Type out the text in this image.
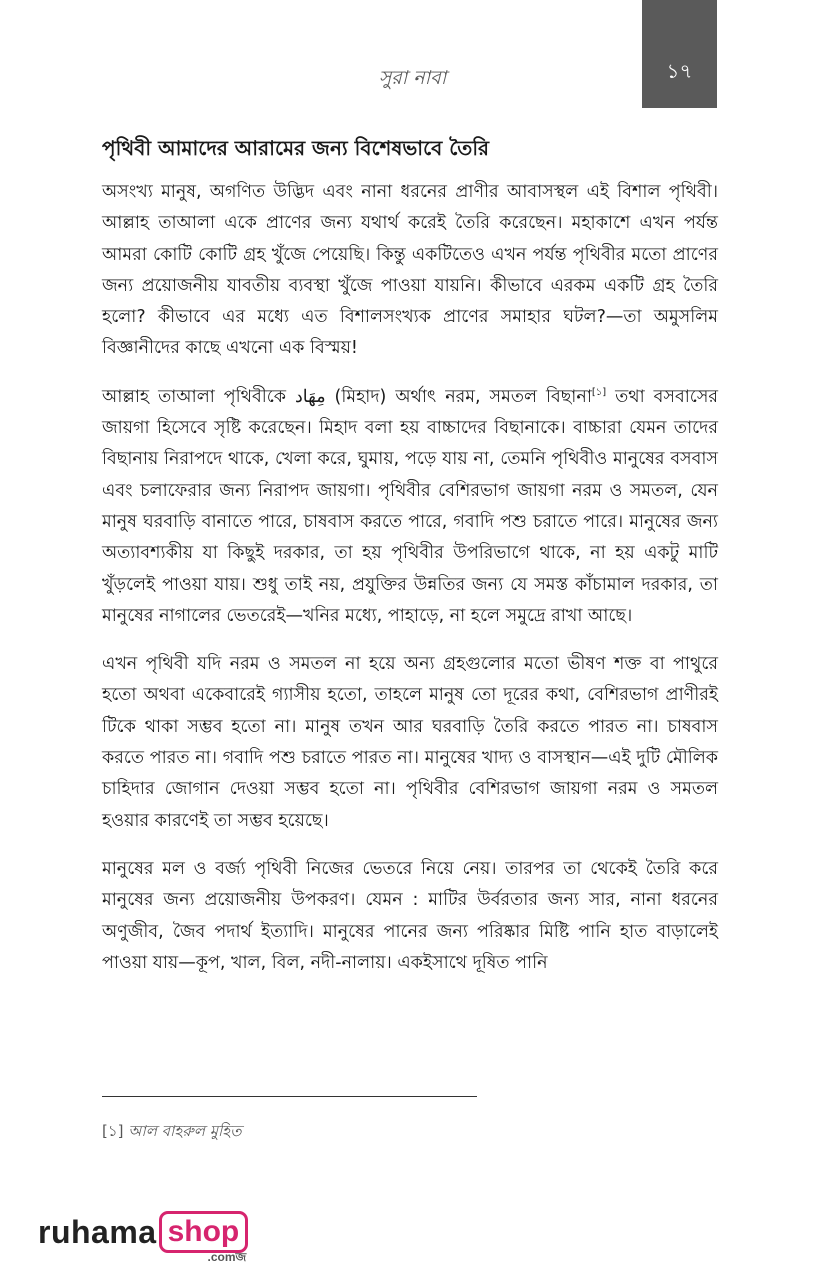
সুরা নাবা	১৭
পৃথিবী আমাদের আরামের জন্য বিশেষভাবে তৈরি

অসংখ্য মানুষ, অগণিত উদ্ভিদ এবং নানা ধরনের প্রাণীর আবাসস্থল এই বিশাল পৃথিবী। আল্লাহ তাআলা একে প্রাণের জন্য যথার্থ করেই তৈরি করেছেন। মহাকাশে এখন পর্যন্ত আমরা কোটি কোটি গ্রহ খুঁজে পেয়েছি। কিন্তু একটিতেও এখন পর্যন্ত পৃথিবীর মতো প্রাণের জন্য প্রয়োজনীয় যাবতীয় ব্যবস্থা খুঁজে পাওয়া যায়নি। কীভাবে এরকম একটি গ্রহ তৈরি হলো? কীভাবে এর মধ্যে এত বিশালসংখ্যক প্রাণের সমাহার ঘটল?—তা অমুসলিম বিজ্ঞানীদের কাছে এখনো এক বিস্ময়!

আল্লাহ তাআলা পৃথিবীকে مِهَاد (মিহাদ) অর্থাৎ নরম, সমতল বিছানা[১] তথা বসবাসের জায়গা হিসেবে সৃষ্টি করেছেন। মিহাদ বলা হয় বাচ্চাদের বিছানাকে। বাচ্চারা যেমন তাদের বিছানায় নিরাপদে থাকে, খেলা করে, ঘুমায়, পড়ে যায় না, তেমনি পৃথিবীও মানুষের বসবাস এবং চলাফেরার জন্য নিরাপদ জায়গা। পৃথিবীর বেশিরভাগ জায়গা নরম ও সমতল, যেন মানুষ ঘরবাড়ি বানাতে পারে, চাষবাস করতে পারে, গবাদি পশু চরাতে পারে। মানুষের জন্য অত্যাবশ্যকীয় যা কিছুই দরকার, তা হয় পৃথিবীর উপরিভাগে থাকে, না হয় একটু মাটি খুঁড়লেই পাওয়া যায়। শুধু তাই নয়, প্রযুক্তির উন্নতির জন্য যে সমস্ত কাঁচামাল দরকার, তা মানুষের নাগালের ভেতরেই—খনির মধ্যে, পাহাড়ে, না হলে সমুদ্রে রাখা আছে।

এখন পৃথিবী যদি নরম ও সমতল না হয়ে অন্য গ্রহগুলোর মতো ভীষণ শক্ত বা পাথুরে হতো অথবা একেবারেই গ্যাসীয় হতো, তাহলে মানুষ তো দূরের কথা, বেশিরভাগ প্রাণীরই টিকে থাকা সম্ভব হতো না। মানুষ তখন আর ঘরবাড়ি তৈরি করতে পারত না। চাষবাস করতে পারত না। গবাদি পশু চরাতে পারত না। মানুষের খাদ্য ও বাসস্থান—এই দুটি মৌলিক চাহিদার জোগান দেওয়া সম্ভব হতো না। পৃথিবীর বেশিরভাগ জায়গা নরম ও সমতল হওয়ার কারণেই তা সম্ভব হয়েছে।

মানুষের মল ও বর্জ্য পৃথিবী নিজের ভেতরে নিয়ে নেয়। তারপর তা থেকেই তৈরি করে মানুষের জন্য প্রয়োজনীয় উপকরণ। যেমন : মাটির উর্বরতার জন্য সার, নানা ধরনের অণুজীব, জৈব পদার্থ ইত্যাদি। মানুষের পানের জন্য পরিষ্কার মিষ্টি পানি হাত বাড়ালেই পাওয়া যায়—কূপ, খাল, বিল, নদী-নালায়। একইসাথে দূষিত পানি

[১] আল বাহরুল মুহিত
ruhama shop
.comজ
